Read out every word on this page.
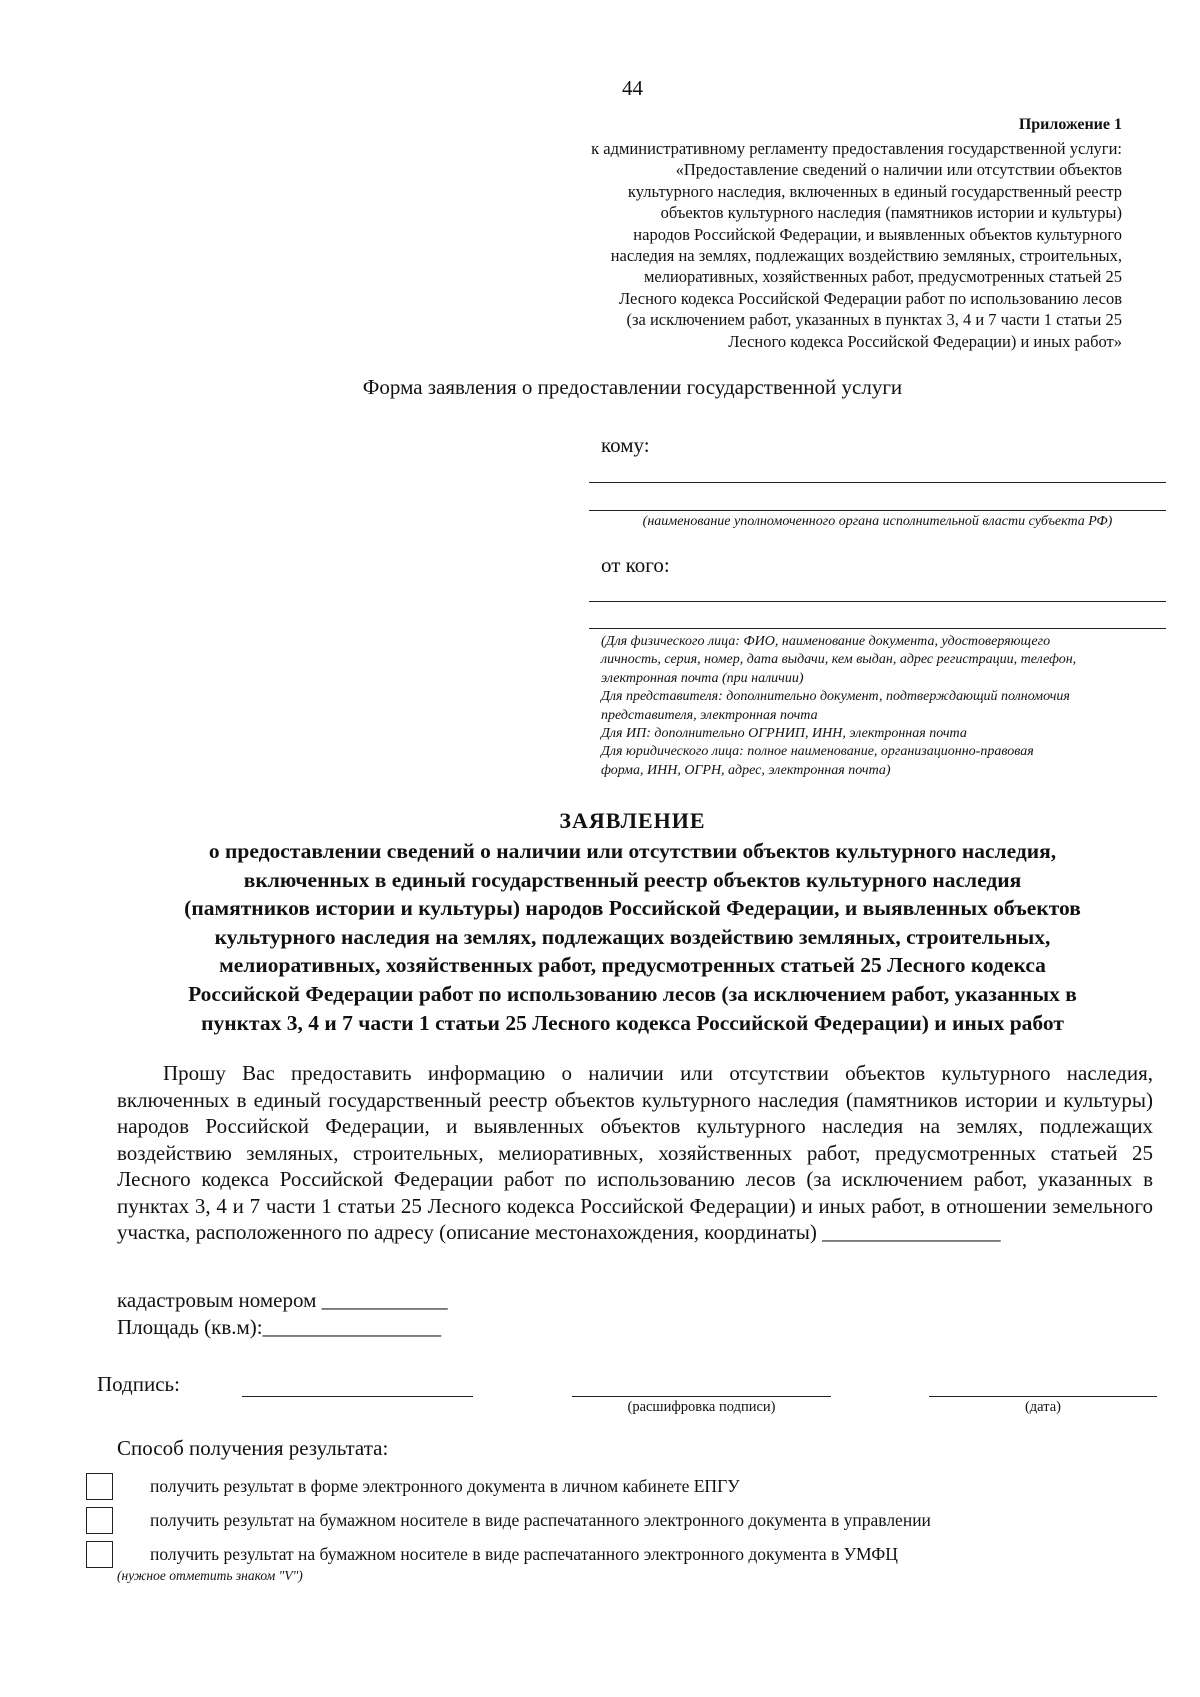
44
Приложение 1
к административному регламенту предоставления государственной услуги:
«Предоставление сведений о наличии или отсутствии объектов
культурного наследия, включенных в единый государственный реестр
объектов культурного наследия (памятников истории и культуры)
народов Российской Федерации, и выявленных объектов культурного
наследия на землях, подлежащих воздействию земляных, строительных,
мелиоративных, хозяйственных работ, предусмотренных статьей 25
Лесного кодекса Российской Федерации работ по использованию лесов
(за исключением работ, указанных в пунктах 3, 4 и 7 части 1 статьи 25
Лесного кодекса Российской Федерации) и иных работ»
Форма заявления о предоставлении государственной услуги
кому:
(наименование уполномоченного органа исполнительной власти субъекта РФ)
от кого:
(Для физического лица: ФИО, наименование документа, удостоверяющего
личность, серия, номер, дата выдачи, кем выдан, адрес регистрации, телефон,
электронная почта (при наличии)
Для представителя: дополнительно документ, подтверждающий полномочия
представителя, электронная почта
Для ИП: дополнительно ОГРНИП, ИНН, электронная почта
Для юридического лица: полное наименование, организационно-правовая
форма, ИНН, ОГРН, адрес, электронная почта)
ЗАЯВЛЕНИЕ
о предоставлении сведений о наличии или отсутствии объектов культурного наследия,
включенных в единый государственный реестр объектов культурного наследия
(памятников истории и культуры) народов Российской Федерации, и выявленных объектов
культурного наследия на землях, подлежащих воздействию земляных, строительных,
мелиоративных, хозяйственных работ, предусмотренных статьей 25 Лесного кодекса
Российской Федерации работ по использованию лесов (за исключением работ, указанных в
пунктах 3, 4 и 7 части 1 статьи 25 Лесного кодекса Российской Федерации) и иных работ
Прошу Вас предоставить информацию о наличии или отсутствии объектов культурного наследия, включенных в единый государственный реестр объектов культурного наследия (памятников истории и культуры) народов Российской Федерации, и выявленных объектов культурного наследия на землях, подлежащих воздействию земляных, строительных, мелиоративных, хозяйственных работ, предусмотренных статьей 25 Лесного кодекса Российской Федерации работ по использованию лесов (за исключением работ, указанных в пунктах 3, 4 и 7 части 1 статьи 25 Лесного кодекса Российской Федерации) и иных работ, в отношении земельного участка, расположенного по адресу (описание местонахождения, координаты) _________________
кадастровым номером ____________
Площадь (кв.м):_________________
Подпись:
(расшифровка подписи)	(дата)
Способ получения результата:
получить результат в форме электронного документа в личном кабинете ЕПГУ
получить результат на бумажном носителе в виде распечатанного электронного документа в управлении
получить результат на бумажном носителе в виде распечатанного электронного документа в УМФЦ
(нужное отметить знаком "V")
